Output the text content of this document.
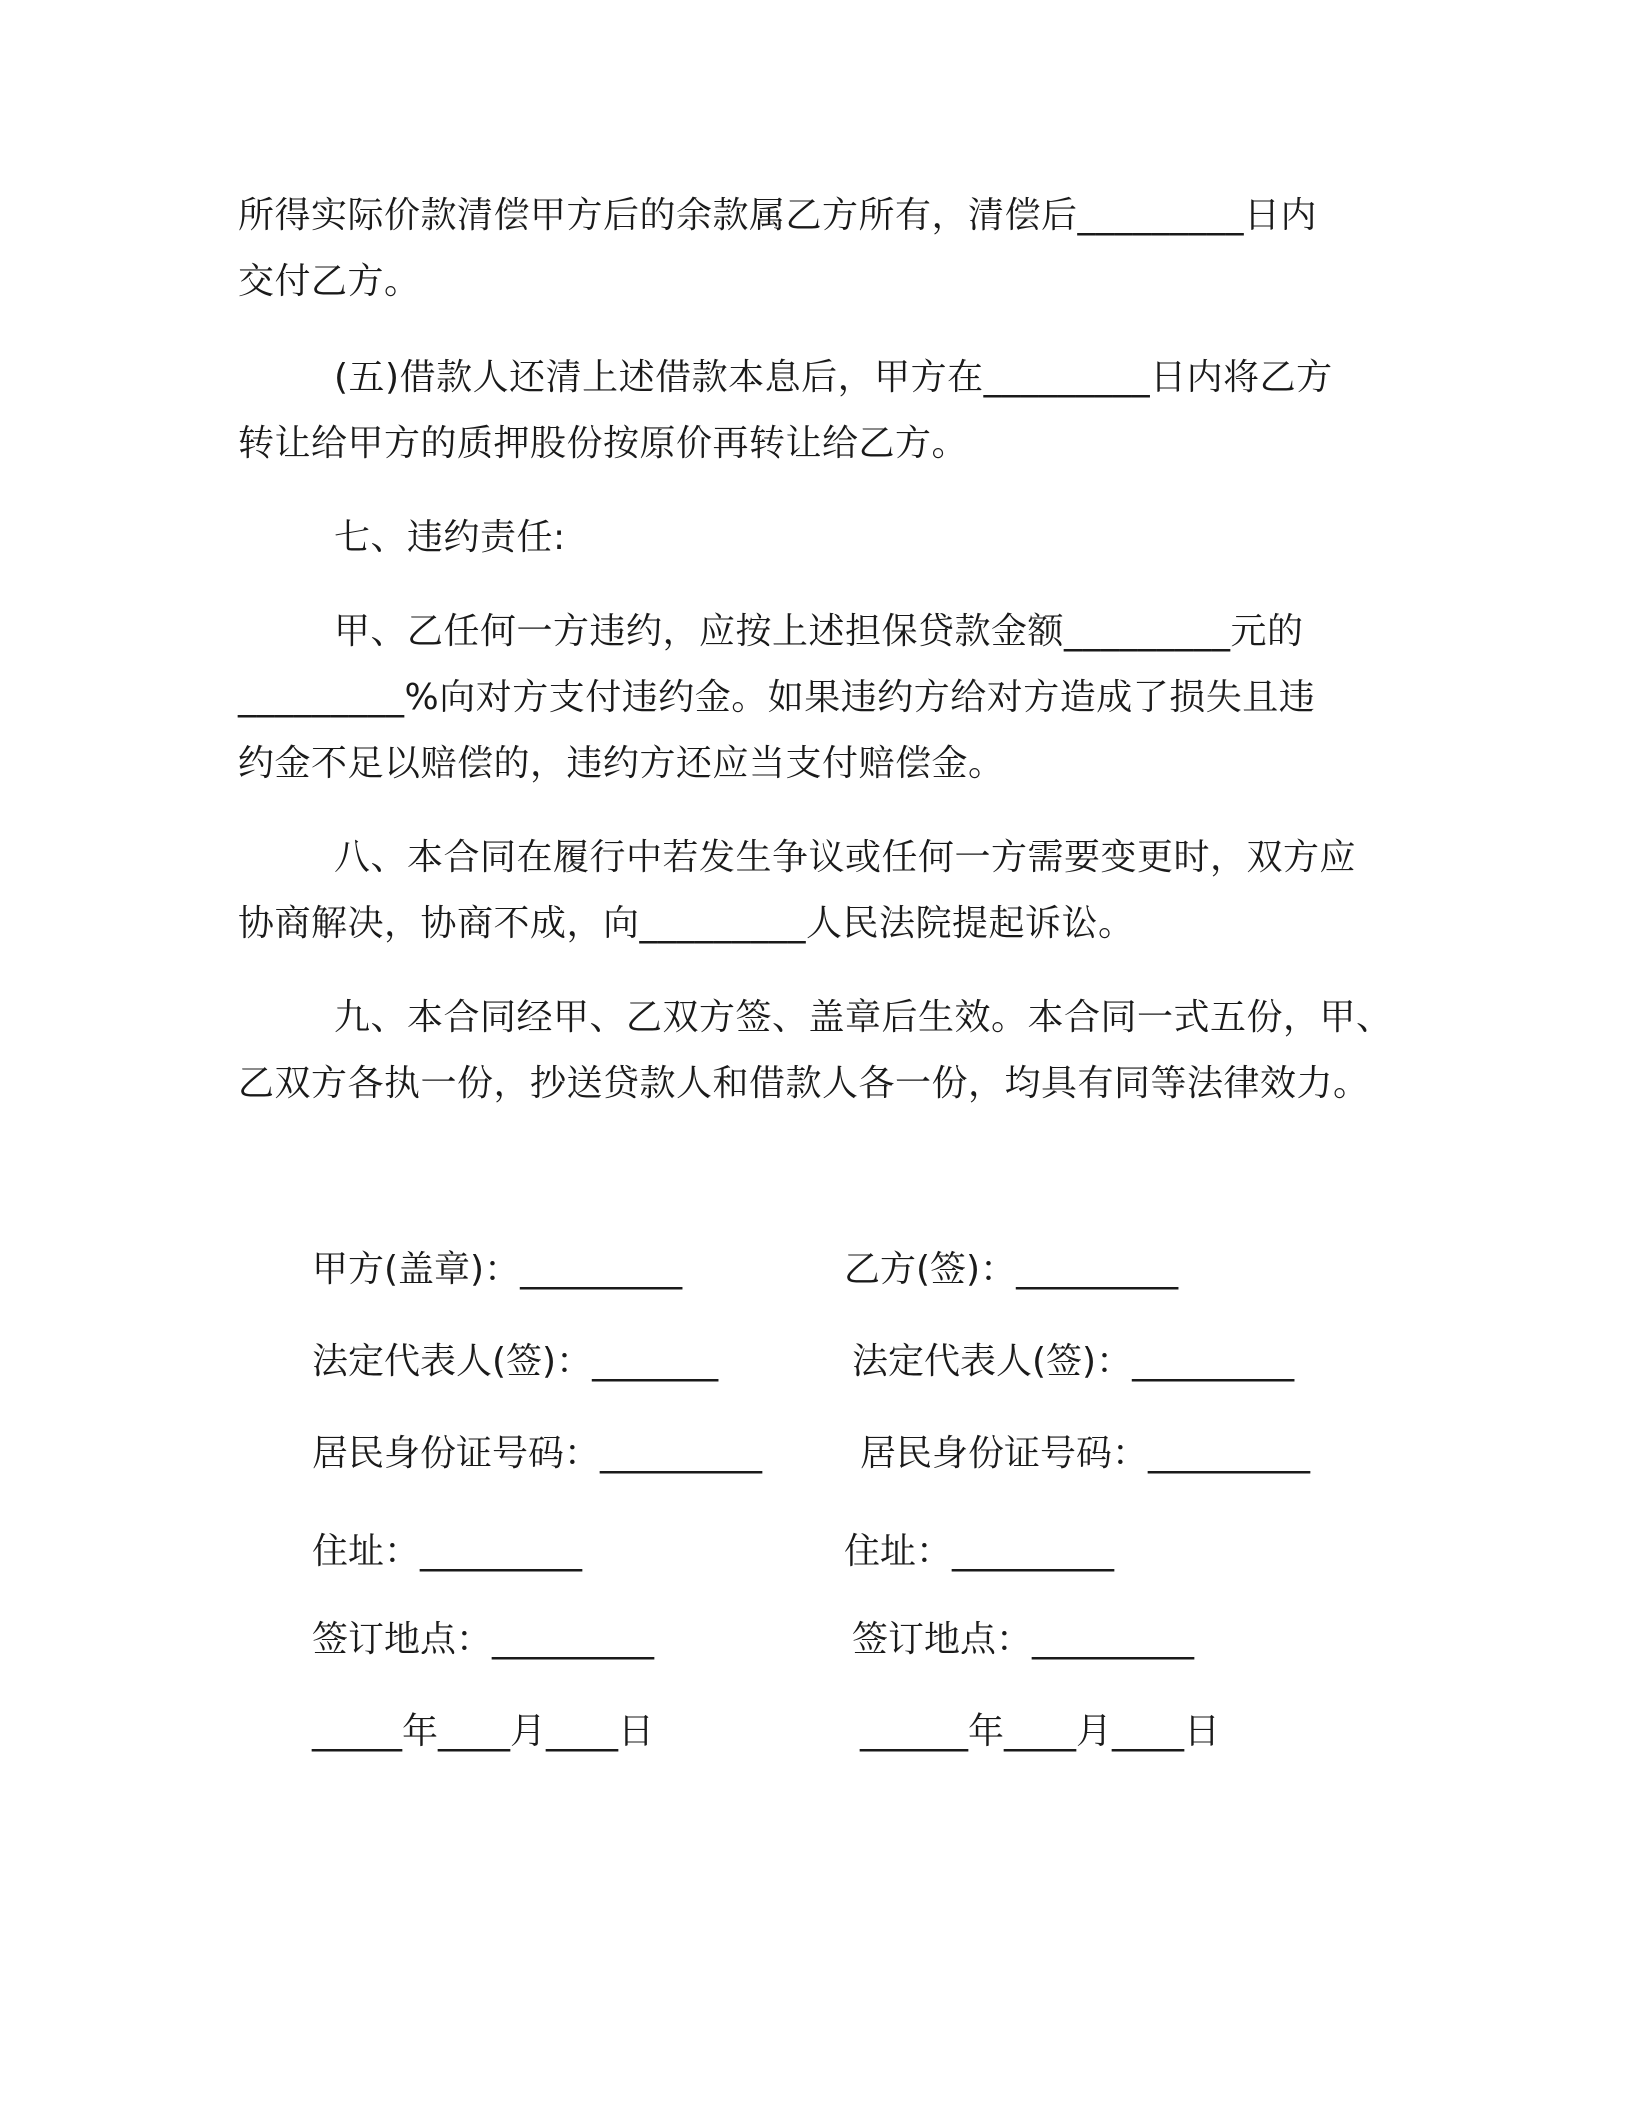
所得实际价款清偿甲方后的余款属乙方所有，清偿后_________日内
交付乙方。
(五)借款人还清上述借款本息后，甲方在_________日内将乙方
转让给甲方的质押股份按原价再转让给乙方。
七、违约责任:
甲、乙任何一方违约，应按上述担保贷款金额_________元的
_________%向对方支付违约金。如果违约方给对方造成了损失且违
约金不足以赔偿的，违约方还应当支付赔偿金。
八、本合同在履行中若发生争议或任何一方需要变更时，双方应
协商解决，协商不成，向_________人民法院提起诉讼。
九、本合同经甲、乙双方签、盖章后生效。本合同一式五份，甲、
乙双方各执一份，抄送贷款人和借款人各一份，均具有同等法律效力。
甲方(盖章)：_________
法定代表人(签)：_______
居民身份证号码：_________
住址：_________
签订地点：_________
_____年____月____日
乙方(签)：_________
法定代表人(签)：_________
居民身份证号码：_________
住址：_________
签订地点：_________
______年____月____日
